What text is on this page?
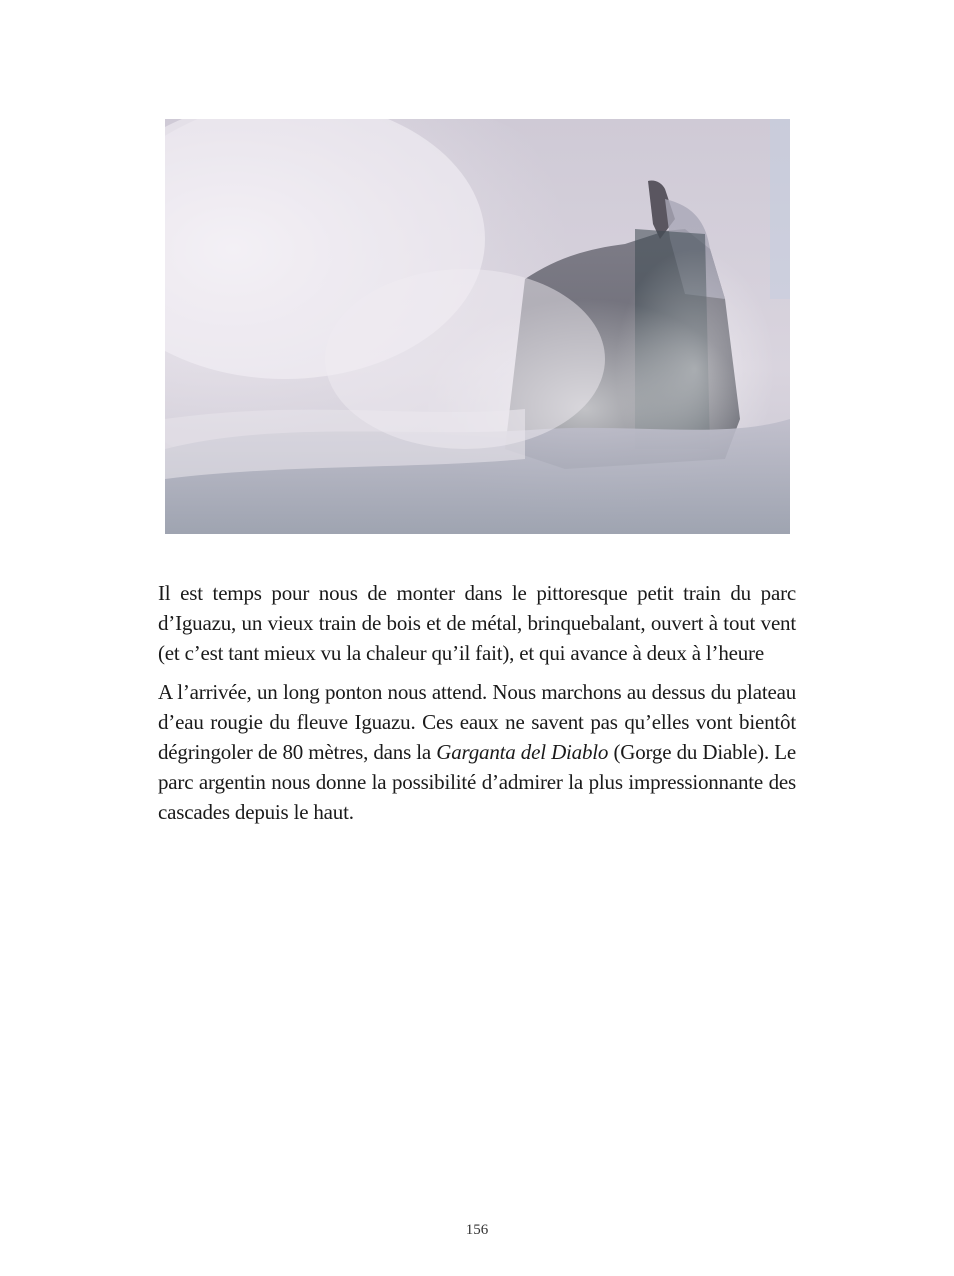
Il est temps pour nous de monter dans le pittoresque petit train du parc d’Iguazu, un vieux train de bois et de métal, brinquebalant, ouvert à tout vent (et c’est tant mieux vu la chaleur qu’il fait), et qui avance à deux à l’heure

A l’arrivée, un long ponton nous attend. Nous marchons au dessus du plateau d’eau rougie du fleuve Iguazu. Ces eaux ne savent pas qu’elles vont bientôt dégringoler de 80 mètres, dans la Garganta del Diablo (Gorge du Diable). Le parc argentin nous donne la possibilité d’admirer la plus impressionnante des cascades depuis le haut.

156
